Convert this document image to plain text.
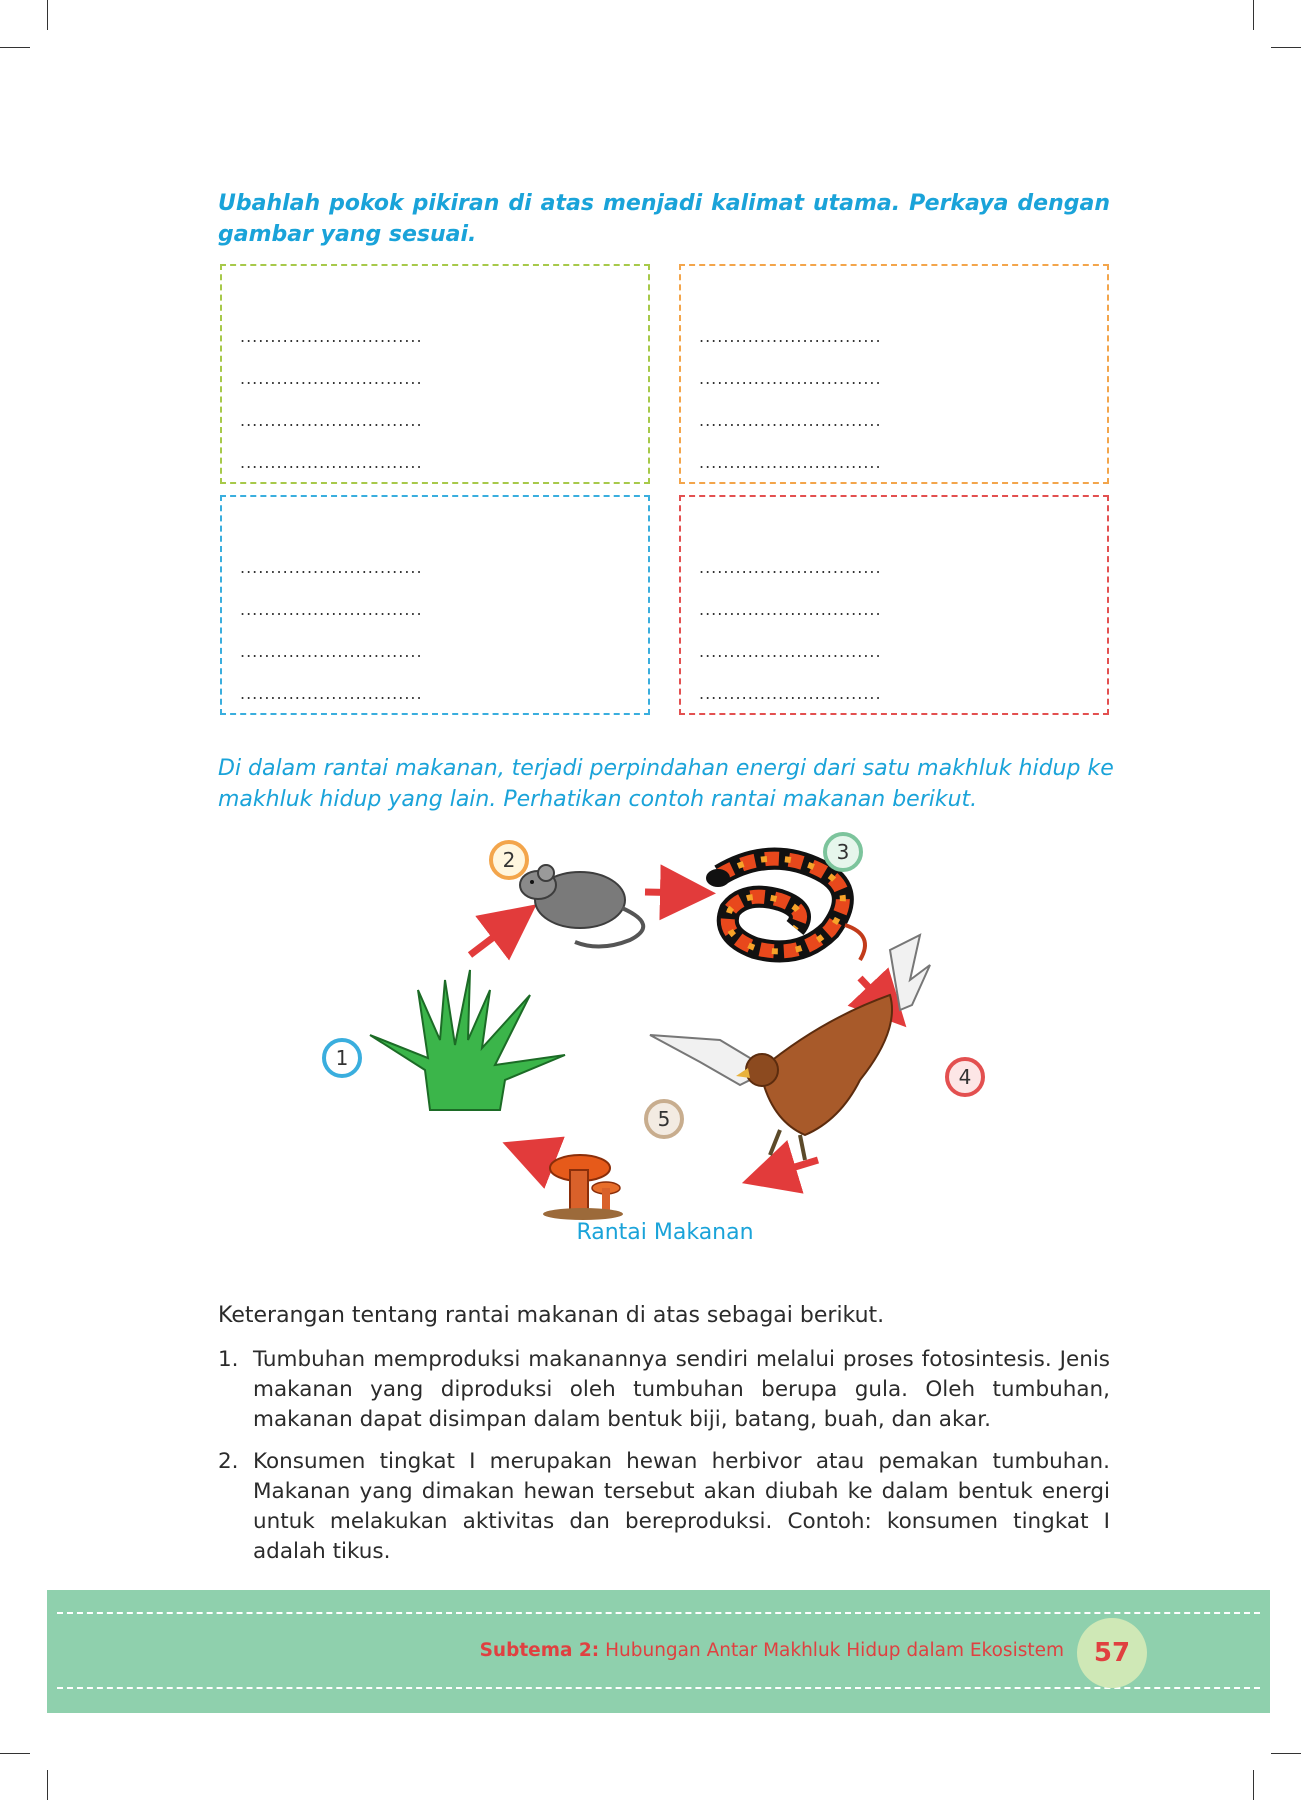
Ubahlah pokok pikiran di atas menjadi kalimat utama. Perkaya dengan gambar yang sesuai.
..............................
..............................
..............................
..............................
..............................
..............................
..............................
..............................
..............................
..............................
..............................
..............................
..............................
..............................
..............................
..............................
Di dalam rantai makanan, terjadi perpindahan energi dari satu makhluk hidup ke makhluk hidup yang lain. Perhatikan contoh rantai makanan berikut.
1
2	3
4
5
Rantai Makanan
Keterangan tentang rantai makanan di atas sebagai berikut.
1. Tumbuhan memproduksi makanannya sendiri melalui proses fotosintesis. Jenis makanan yang diproduksi oleh tumbuhan berupa gula. Oleh tumbuhan, makanan dapat disimpan dalam bentuk biji, batang, buah, dan akar.
2. Konsumen tingkat I merupakan hewan herbivor atau pemakan tumbuhan. Makanan yang dimakan hewan tersebut akan diubah ke dalam bentuk energi untuk melakukan aktivitas dan bereproduksi. Contoh: konsumen tingkat I adalah tikus.
Subtema 2: Hubungan Antar Makhluk Hidup dalam Ekosistem	57
